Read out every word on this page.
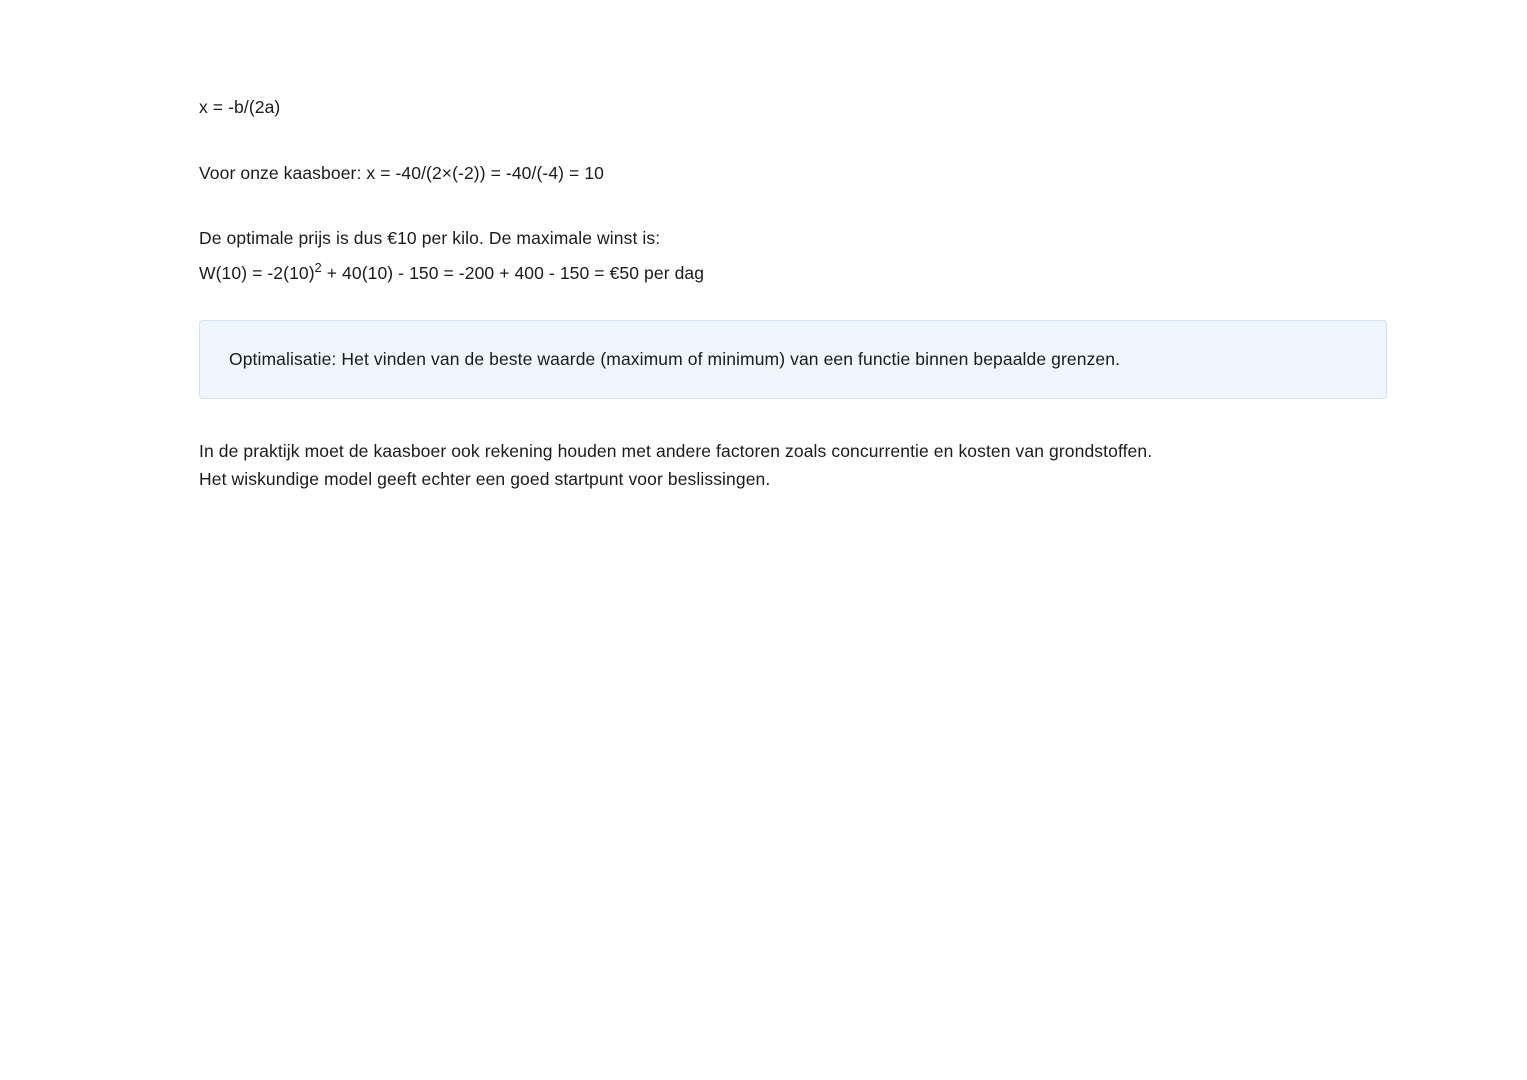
x = -b/(2a)

Voor onze kaasboer: x = -40/(2×(-2)) = -40/(-4) = 10

De optimale prijs is dus €10 per kilo. De maximale winst is:

$W(10) = -2(10)^2 + 40(10) - 150 = -200 + 400 - 150$ = €50 per dag

Optimalisatie: Het vinden van de beste waarde (maximum of minimum) van een functie binnen bepaalde grenzen.
In de praktijk moet de kaasboer ook rekening houden met andere factoren zoals concurrentie en kosten van grondstoffen.
Het wiskundige model geeft echter een goed startpunt voor beslissingen.
